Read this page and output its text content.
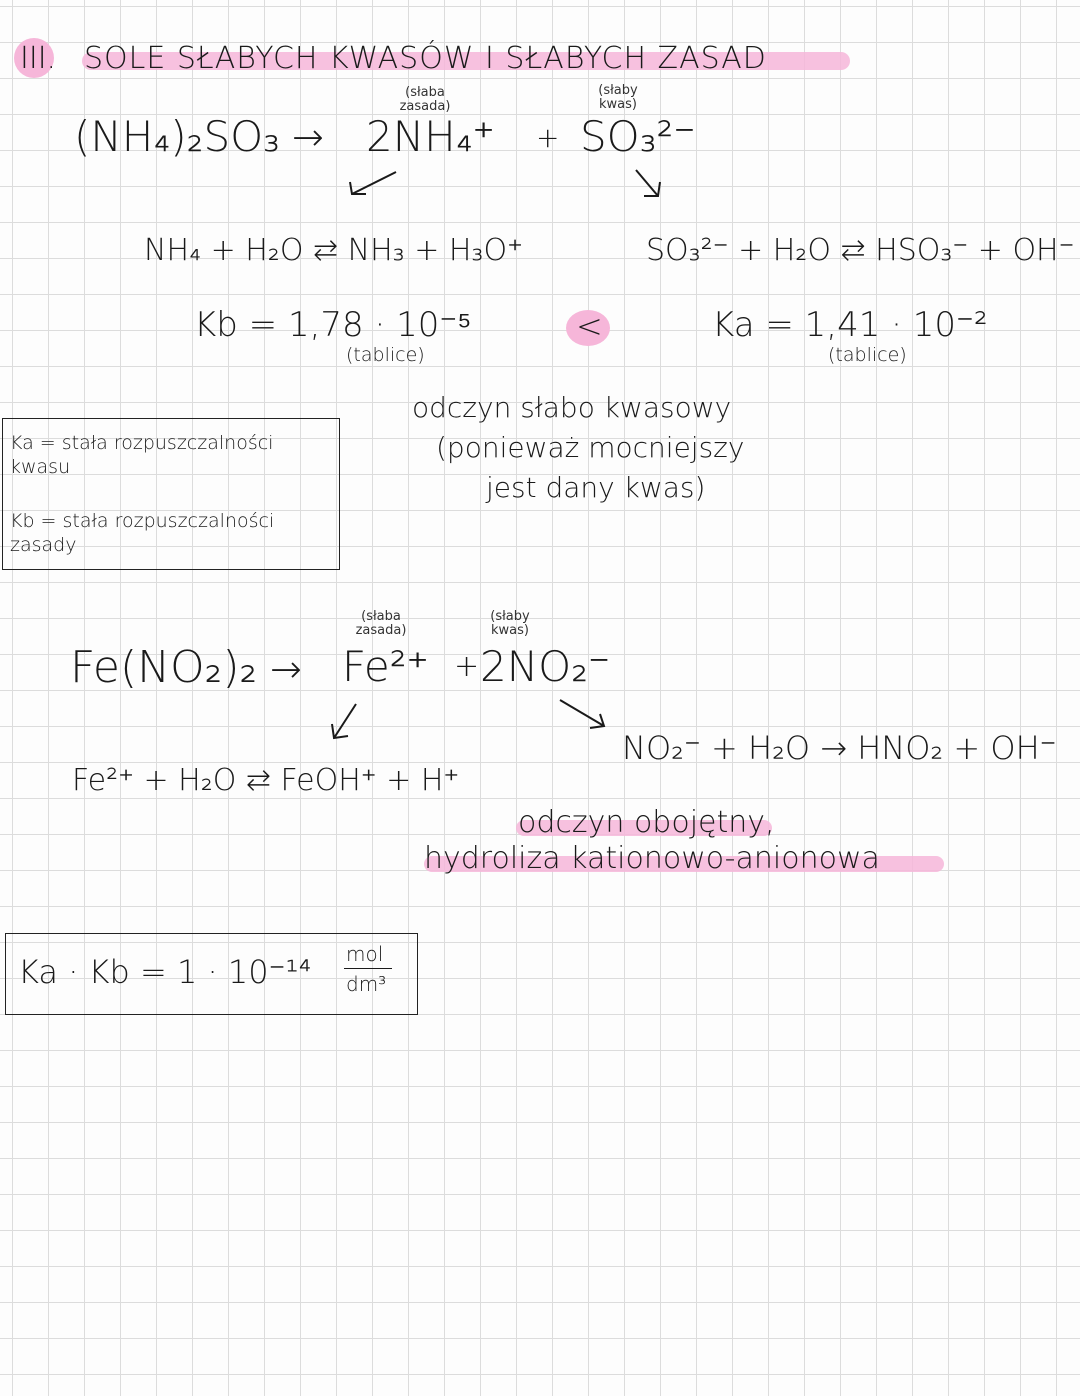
III. SOLE SŁABYCH KWASÓW I SŁABYCH ZASAD
(słaba zasada)
(słaby kwas)
(NH₄)₂SO₃ → 2NH₄⁺ + SO₃²⁻
NH₄ + H₂O ⇆ NH₃ + H₃O⁺	SO₃²⁻ + H₂O ⇄ HSO₃⁻ + OH⁻
Kb = 1,78 · 10⁻⁵
(tablice)
<	Ka = 1,41 · 10⁻²
(tablice)
odczyn słabo kwasowy
(ponieważ mocniejszy
jest dany kwas)
Ka = stała rozpuszczalności kwasu
Kb = stała rozpuszczalności zasady
(słaba zasada)
(słaby kwas)
Fe(NO₂)₂ → Fe²⁺ + 2NO₂⁻
NO₂⁻ + H₂O → HNO₂ + OH⁻
Fe²⁺ + H₂O ⇆ FeOH⁺ + H⁺
odczyn obojętny,
hydroliza kationowo-anionowa
Ka · Kb = 1 · 10⁻¹⁴ mol
dm³
